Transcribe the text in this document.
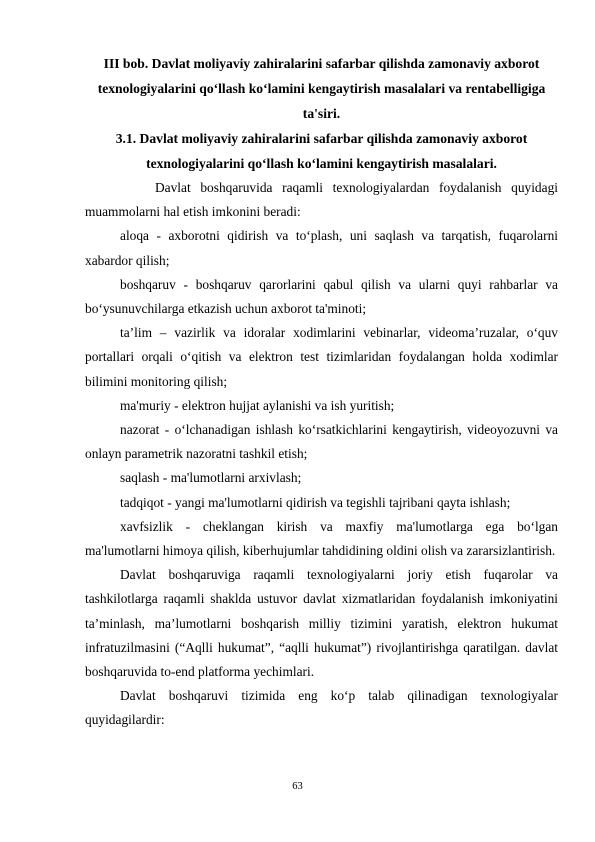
III bob. Davlat moliyaviy zahiralarini safarbar qilishda zamonaviy axborot texnologiyalarini qo‘llash ko‘lamini kengaytirish masalalari va rentabelligiga ta'siri.

3.1. Davlat moliyaviy zahiralarini safarbar qilishda zamonaviy axborot texnologiyalarini qo‘llash ko‘lamini kengaytirish masalalari.

Davlat boshqaruvida raqamli texnologiyalardan foydalanish quyidagi muammolarni hal etish imkonini beradi:

aloqa - axborotni qidirish va to‘plash, uni saqlash va tarqatish, fuqarolarni xabardor qilish;

boshqaruv - boshqaruv qarorlarini qabul qilish va ularni quyi rahbarlar va bo‘ysunuvchilarga etkazish uchun axborot ta'minoti;

ta’lim – vazirlik va idoralar xodimlarini vebinarlar, videoma’ruzalar, o‘quv portallari orqali o‘qitish va elektron test tizimlaridan foydalangan holda xodimlar bilimini monitoring qilish;

ma'muriy - elektron hujjat aylanishi va ish yuritish;

nazorat - o‘lchanadigan ishlash ko‘rsatkichlarini kengaytirish, videoyozuvni va onlayn parametrik nazoratni tashkil etish;

saqlash - ma'lumotlarni arxivlash;

tadqiqot - yangi ma'lumotlarni qidirish va tegishli tajribani qayta ishlash;

xavfsizlik - cheklangan kirish va maxfiy ma'lumotlarga ega bo‘lgan ma'lumotlarni himoya qilish, kiberhujumlar tahdidining oldini olish va zararsizlantirish.

Davlat boshqaruviga raqamli texnologiyalarni joriy etish fuqarolar va tashkilotlarga raqamli shaklda ustuvor davlat xizmatlaridan foydalanish imkoniyatini ta’minlash, ma’lumotlarni boshqarish milliy tizimini yaratish, elektron hukumat infratuzilmasini (“Aqlli hukumat”, “aqlli hukumat”) rivojlantirishga qaratilgan. davlat boshqaruvida to-end platforma yechimlari.

Davlat boshqaruvi tizimida eng ko‘p talab qilinadigan texnologiyalar quyidagilardir:

63
